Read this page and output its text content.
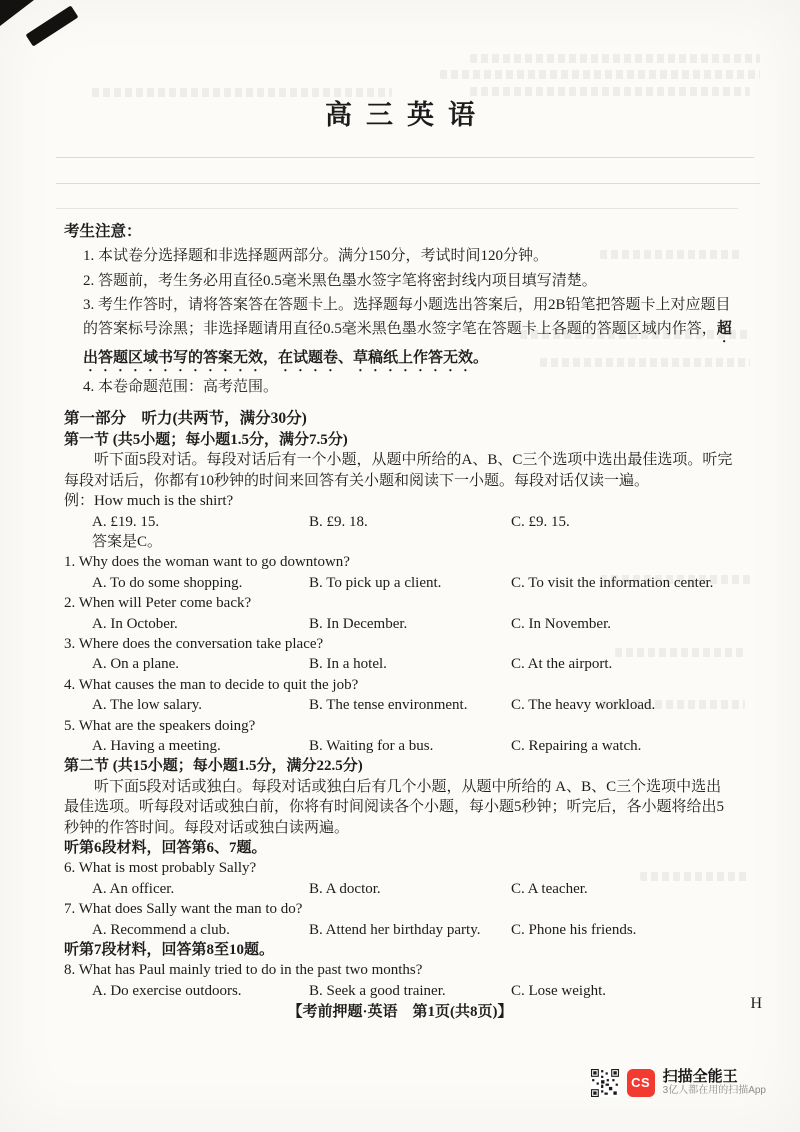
高三英语
考生注意：
1. 本试卷分选择题和非选择题两部分。满分150分，考试时间120分钟。
2. 答题前，考生务必用直径0.5毫米黑色墨水签字笔将密封线内项目填写清楚。
3. 考生作答时，请将答案答在答题卡上。选择题每小题选出答案后，用2B铅笔把答题卡上对应题目的答案标号涂黑；非选择题请用直径0.5毫米黑色墨水签字笔在答题卡上各题的答题区域内作答，超出答题区域书写的答案无效，在试题卷、草稿纸上作答无效。
4. 本卷命题范围：高考范围。
第一部分　听力(共两节，满分30分)
第一节 (共5小题；每小题1.5分，满分7.5分)

听下面5段对话。每段对话后有一个小题，从题中所给的A、B、C三个选项中选出最佳选项。听完每段对话后，你都有10秒钟的时间来回答有关小题和阅读下一小题。每段对话仅读一遍。

例：How much is the shirt?
A. £19. 15.	B. £9. 18.	C. £9. 15.
答案是C。
1. Why does the woman want to go downtown?
A. To do some shopping.	B. To pick up a client.	C. To visit the information center.
2. When will Peter come back?
A. In October.	B. In December.	C. In November.
3. Where does the conversation take place?
A. On a plane.	B. In a hotel.	C. At the airport.
4. What causes the man to decide to quit the job?
A. The low salary.	B. The tense environment.	C. The heavy workload.
5. What are the speakers doing?
A. Having a meeting.	B. Waiting for a bus.	C. Repairing a watch.
第二节 (共15小题；每小题1.5分，满分22.5分)

听下面5段对话或独白。每段对话或独白后有几个小题，从题中所给的 A、B、C三个选项中选出最佳选项。听每段对话或独白前，你将有时间阅读各个小题，每小题5秒钟；听完后，各小题将给出5秒钟的作答时间。每段对话或独白读两遍。

听第6段材料，回答第6、7题。
6. What is most probably Sally?
A. An officer.	B. A doctor.	C. A teacher.
7. What does Sally want the man to do?
A. Recommend a club.	B. Attend her birthday party.	C. Phone his friends.
听第7段材料，回答第8至10题。
8. What has Paul mainly tried to do in the past two months?
A. Do exercise outdoors.	B. Seek a good trainer.	C. Lose weight.
【考前押题·英语　第1页(共8页)】	H
CS 扫描全能王
3亿人都在用的扫描App
